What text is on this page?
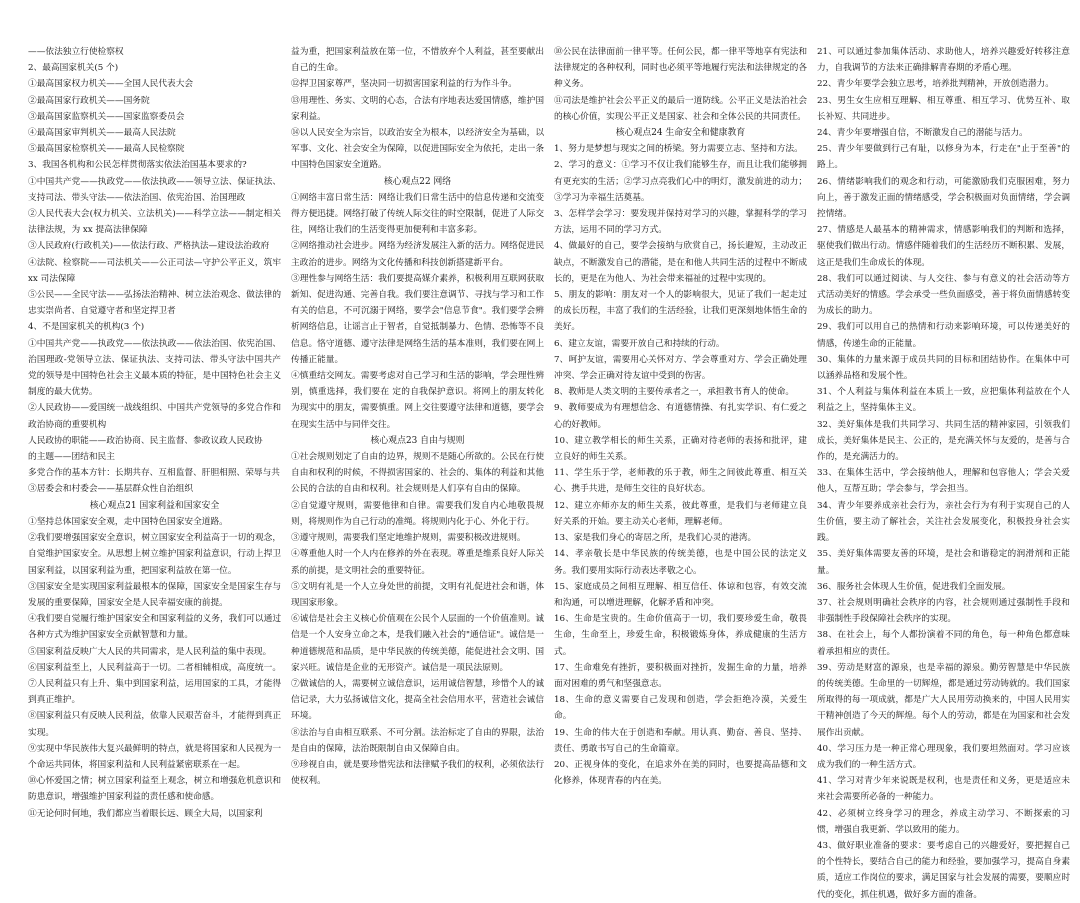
——依法独立行使检察权

2、最高国家机关(5 个)

①最高国家权力机关——全国人民代表大会

②最高国家行政机关——国务院

③最高国家监察机关——国家监察委员会

④最高国家审判机关——最高人民法院

⑤最高国家检察机关——最高人民检察院

3、我国各机构和公民怎样贯彻落实依法治国基本要求的?

①中国共产党——执政党——依法执政——领导立法、保证执法、支持司法、带头守法——依法治国、依宪治国、治国理政

②人民代表大会(权力机关、立法机关)——科学立法——制定相关法律法规，为 xx 提高法律保障

③人民政府(行政机关)——依法行政、严格执法—建设法治政府

④法院、检察院——司法机关——公正司法—守护公平正义，筑牢 xx 司法保障

⑤公民——全民守法——弘扬法治精神、树立法治观念、做法律的忠实崇尚者、自觉遵守者和坚定捍卫者

4、不是国家机关的机构(3 个)

①中国共产党——执政党——依法执政——依法治国、依宪治国、治国理政-党领导立法、保证执法、支持司法、带头守法中国共产党的领导是中国特色社会主义最本质的特征，是中国特色社会主义制度的最大优势。

②人民政协——爱国统一战线组织、中国共产党领导的多党合作和政治协商的重要机构

人民政协的职能——政治协商、民主监督、参政议政人民政协

的主题——团结和民主

多党合作的基本方针：长期共存、互相监督、肝胆相照、荣辱与共

③居委会和村委会——基层群众性自治组织

核心观点21 国家利益和国家安全

①坚持总体国家安全观，走中国特色国家安全道路。

②我们要增强国家安全意识，树立国家安全利益高于一切的观念，自觉维护国家安全。从思想上树立维护国家利益意识，行动上捍卫国家利益，以国家利益为重，把国家利益放在第一位。

③国家安全是实现国家利益最根本的保障，国家安全是国家生存与发展的重要保障，国家安全是人民幸福安康的前提。

④我们要自觉履行维护国家安全和国家利益的义务，我们可以通过各种方式为维护国家安全贡献智慧和力量。

⑤国家利益反映广大人民的共同需求，是人民利益的集中表现。

⑥国家利益至上，人民利益高于一切。二者相辅相成，高度统一。⑦人民利益只有上升、集中到国家利益，运用国家的工具，才能得到真正维护。

⑧国家利益只有反映人民利益，依靠人民艰苦奋斗，才能得到真正实现。

⑨实现中华民族伟大复兴最鲜明的特点，就是将国家和人民视为一个命运共同体，将国家利益和人民利益紧密联系在一起。

⑩心怀爱国之情；树立国家利益至上观念，树立和增强危机意识和防患意识，增强维护国家利益的责任感和使命感。

⑪无论何时何地，我们都应当着眼长远、顾全大局，以国家利

益为重，把国家利益放在第一位，不惜放弃个人利益，甚至要献出自己的生命。

⑫捍卫国家尊严，坚决同一切损害国家利益的行为作斗争。

⑬用理性、务实、文明的心态，合法有序地表达爱国情感，维护国家利益。

⑭以人民安全为宗旨，以政治安全为根本，以经济安全为基础，以军事、文化、社会安全为保障，以促进国际安全为依托，走出一条中国特色国家安全道路。

核心观点22 网络

①网络丰富日常生活：网络让我们日常生活中的信息传递和交流变得方便迅捷。网络打破了传统人际交往的时空限制，促进了人际交往，网络让我们的生活变得更加便利和丰富多彩。

②网络推动社会进步。网络为经济发展注入新的活力。网络促进民主政治的进步。网络为文化传播和科技创新搭建新平台。

③理性参与网络生活：我们要提高媒介素养，积极利用互联网获取新知、促进沟通、完善自我。我们要注意调节、寻找与学习和工作有关的信息，不可沉溺于网络，要学会"信息节食"。我们要学会辨析网络信息，让谣言止于智者，自觉抵制暴力、色情、恐怖等不良信息。恪守道德、遵守法律是网络生活的基本准则，我们要在网上传播正能量。

④慎重结交网友。需要考虑对自己学习和生活的影响，学会理性辨别，慎重选择，我们要在 定的自我保护意识。将网上的朋友转化为现实中的朋友，需要慎重。网上交往要遵守法律和道德，要学会在现实生活中与同伴交往。

核心观点23 自由与规则

①社会规则划定了自由的边界，规则不是随心所欲的。公民在行使自由和权利的时候，不得损害国家的、社会的、集体的利益和其他公民的合法的自由和权利。社会规则是人们享有自由的保障。

②自觉遵守规则，需要他律和自律。需要我们发自内心地敬畏规则，将规则作为自己行动的准绳。将规则内化于心、外化于行。

③遵守规则，需要我们坚定地维护规则，需要积极改进规则。

④尊重他人时一个人内在修养的外在表现。尊重是维系良好人际关系的前提，是文明社会的重要特征。

⑤文明有礼是一个人立身处世的前提，文明有礼促进社会和谐，体现国家形象。

⑥诚信是社会主义核心价值观在公民个人层面的一个价值准则。诚信是一个人安身立命之本，是我们融入社会的"通信证"。诚信是一种道德规范和品质，是中华民族的传统美德，能促进社会文明、国家兴旺。诚信是企业的无形资产。诚信是一项民法原则。

⑦做诚信的人，需要树立诚信意识，运用诚信智慧，珍惜个人的诚信记录，大力弘扬诚信文化，提高全社会信用水平，营造社会诚信环境。

⑧法治与自由相互联系、不可分割。法治标定了自由的界限，法治是自由的保障，法治既限制自由又保障自由。

⑨珍视自由，就是要珍惜宪法和法律赋予我们的权利，必须依法行使权利。

⑩公民在法律面前一律平等。任何公民，都一律平等地享有宪法和法律规定的各种权利，同时也必须平等地履行宪法和法律规定的各种义务。

⑪司法是维护社会公平正义的最后一道防线。公平正义是法治社会的核心价值，实现公平正义是国家、社会和全体公民的共同责任。

核心观点24 生命安全和健康教育

1、努力是梦想与现实之间的桥梁。努力需要立志、坚持和方法。

2、学习的意义：①学习不仅让我们能够生存，而且让我们能够拥有更充实的生活；②学习点亮我们心中的明灯，激发前进的动力；③学习为幸福生活奠基。

3、怎样学会学习：要发现并保持对学习的兴趣，掌握科学的学习方法，运用不同的学习方式。

4、做最好的自己，要学会接纳与欣赏自己，扬长避短，主动改正缺点，不断激发自己的潜能，是在和他人共同生活的过程中不断成长的，更是在为他人、为社会带来福祉的过程中实现的。

5、朋友的影响：朋友对一个人的影响很大，见证了我们一起走过的成长历程，丰富了我们的生活经验，让我们更深刻地体悟生命的美好。

6、建立友谊，需要开放自己和持续的行动。

7、呵护友谊，需要用心关怀对方、学会尊重对方、学会正确处理冲突、学会正确对待友谊中受到的伤害。

8、教师是人类文明的主要传承者之一，承担教书育人的使命。

9、教师要成为有理想信念、有道德情操、有扎实学识、有仁爱之心的好教师。

10、建立教学相长的师生关系，正确对待老师的表扬和批评，建立良好的师生关系。

11、学生乐于学，老师教的乐于教，师生之间彼此尊重、相互关心、携手共进，是师生交往的良好状态。

12、建立亦师亦友的师生关系，彼此尊重，是我们与老师建立良好关系的开始。要主动关心老师，理解老师。

13、家是我们身心的寄居之所，是我们心灵的港湾。

14、孝亲敬长是中华民族的传统美德，也是中国公民的法定义务。我们要用实际行动表达孝敬之心。

15、家庭成员之间相互理解、相互信任、体谅和包容，有效交流和沟通，可以增进理解，化解矛盾和冲突。

16、生命是宝贵的。生命价值高于一切，我们要珍爱生命，敬畏生命，生命至上，珍爱生命，积极锻炼身体，养成健康的生活方式。

17、生命难免有挫折，要积极面对挫折，发掘生命的力量，培养面对困难的勇气和坚强意志。

18、生命的意义需要自己发现和创造，学会拒绝冷漠，关爱生命。

19、生命的伟大在于创造和奉献。用认真、勤奋、善良、坚持、责任、勇敢书写自己的生命篇章。

20、正视身体的变化，在追求外在美的同时，也要提高品德和文化修养，体现青春的内在美。

21、可以通过参加集体活动、求助他人，培养兴趣爱好转移注意力，自我调节的方法来正确排解青春期的矛盾心理。

22、青少年要学会独立思考，培养批判精神，开放创造潜力。

23、男生女生应相互理解、相互尊重、相互学习、优势互补、取长补短、共同进步。

24、青少年要增强自信，不断激发自己的潜能与活力。

25、青少年要做到行己有耻，以修身为本，行走在"止于至善"的路上。

26、情绪影响我们的观念和行动，可能激励我们克服困难，努力向上，善于激发正面的情绪感受，学会积极面对负面情绪，学会调控情绪。

27、情感是人最基本的精神需求，情感影响我们的判断和选择，驱使我们做出行动。情感伴随着我们的生活经历不断积累、发展，这正是我们生命成长的体现。

28、我们可以通过阅读、与人交往、参与有意义的社会活动等方式活动美好的情感。学会承受一些负面感受，善于将负面情感转变为成长的助力。

29、我们可以用自己的热情和行动来影响环境，可以传递美好的情感，传递生命的正能量。

30、集体的力量来源于成员共同的目标和团结协作。在集体中可以涵养品格和发展个性。

31、个人利益与集体利益在本质上一致，应把集体利益放在个人利益之上，坚持集体主义。

32、美好集体是我们共同学习、共同生活的精神家园，引领我们成长，美好集体是民主、公正的，是充满关怀与友爱的，是善与合作的，是充满活力的。

33、在集体生活中，学会接纳他人，理解和包容他人；学会关爱他人，互帮互助；学会参与，学会担当。

34、青少年要养成亲社会行为，亲社会行为有利于实现自己的人生价值，要主动了解社会，关注社会发展变化，积极投身社会实践。

35、美好集体需要友善的环境，是社会和谐稳定的润滑剂和正能量。

36、服务社会体现人生价值，促进我们全面发展。

37、社会规则明确社会秩序的内容，社会规则通过强制性手段和非强制性手段保障社会秩序的实现。

38、在社会上，每个人都扮演着不同的角色，每一种角色都意味着承担相应的责任。

39、劳动是财富的源泉，也是幸福的源泉。勤劳智慧是中华民族的传统美德。生命里的一切辉煌，都是通过劳动铸就的。我们国家所取得的每一项成就，都是广大人民用劳动换来的，中国人民用实干精神创造了今天的辉煌。每个人的劳动，都是在为国家和社会发展作出贡献。

40、学习压力是一种正常心理现象，我们要坦然面对。学习应该成为我们的一种生活方式。

41、学习对青少年来说既是权利，也是责任和义务，更是适应未来社会需要所必备的一种能力。

42、必须树立终身学习的理念，养成主动学习、不断探索的习惯，增强自我更新、学以致用的能力。

43、做好职业准备的要求：要考虑自己的兴趣爱好，要把握自己的个性特长，要结合自己的能力和经验，要加强学习，提高自身素质，适应工作岗位的要求，满足国家与社会发展的需要，要顺应时代的变化，抓住机遇，做好多方面的准备。
